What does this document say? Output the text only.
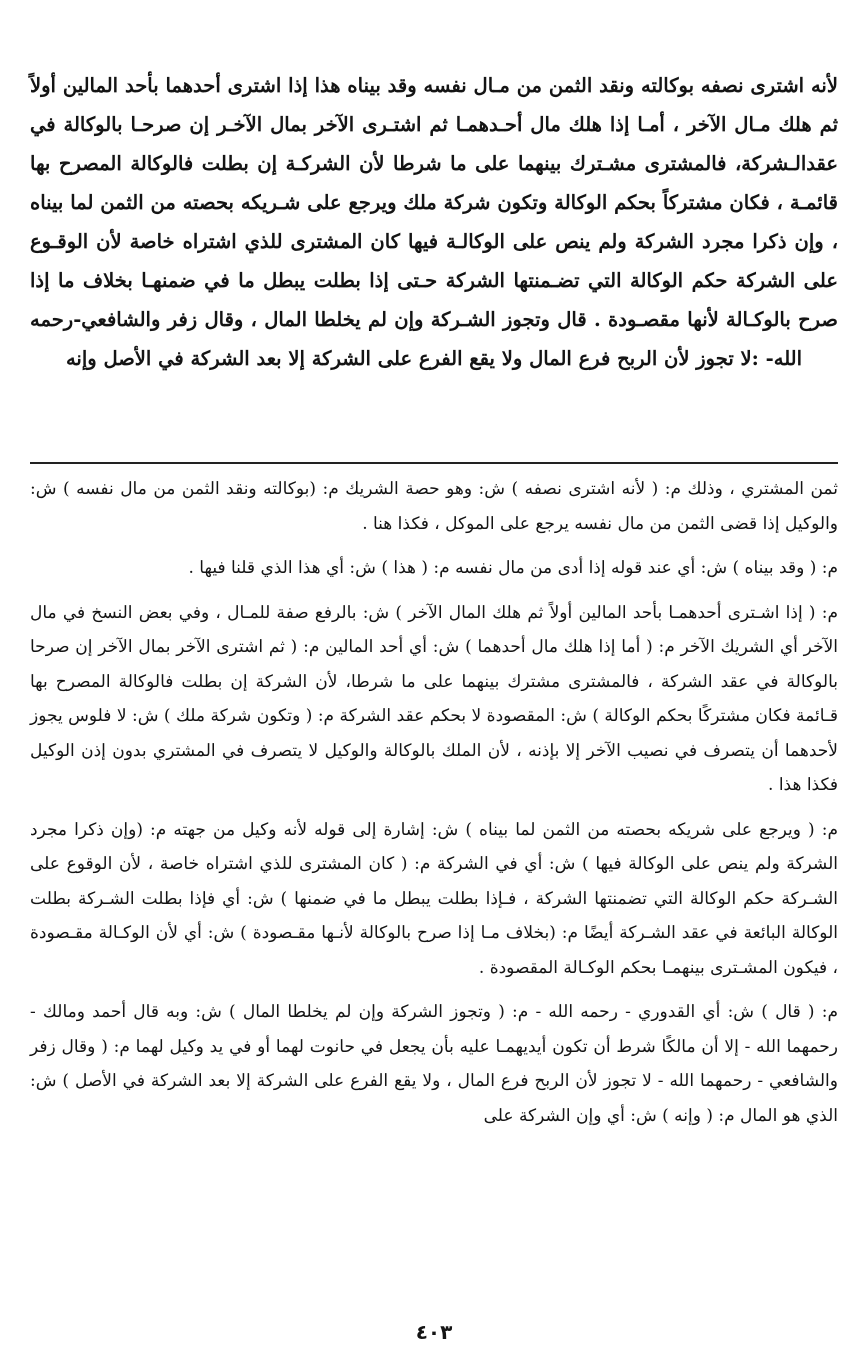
لأنه اشترى نصفه بوكالته ونقد الثمن من مـال نفسه وقد بيناه هذا إذا اشترى أحدهما بأحد المالين أولاً ثم هلك مـال الآخر ، أمـا إذا هلك مال أحـدهمـا ثم اشتـرى الآخر بمال الآخـر إن صرحـا بالوكالة في عقدالـشركة، فالمشترى مشـترك بينهما على ما شرطا لأن الشركـة إن بطلت فالوكالة المصرح بها قائمـة ، فكان مشتركاً بحكم الوكالة وتكون شركة ملك ويرجع على شـريكه بحصته من الثمن لما بيناه ، وإن ذكرا مجرد الشركة ولم ينص على الوكالـة فيها كان المشترى للذي اشتراه خاصة لأن الوقـوع على الشركة حكم الوكالة التي تضـمنتها الشركة حـتى إذا بطلت يبطل ما في ضمنهـا بخلاف ما إذا صرح بالوكـالة لأنها مقصـودة . قال وتجوز الشـركة وإن لم يخلطا المال ، وقال زفر والشافعي-رحمه الله- :لا تجوز لأن الربح فرع المال ولا يقع الفرع على الشركة إلا بعد الشركة في الأصل وإنه

ثمن المشتري ، وذلك م: ( لأنه اشترى نصفه ) ش: وهو حصة الشريك م: (بوكالته ونقد الثمن من مال نفسه ) ش: والوكيل إذا قضى الثمن من مال نفسه يرجع على الموكل ، فكذا هنا .

م: ( وقد بيناه ) ش: أي عند قوله إذا أدى من مال نفسه م: ( هذا ) ش: أي هذا الذي قلنا فيها .

م: ( إذا اشـترى أحدهمـا بأحد المالين أولاً ثم هلك المال الآخر ) ش: بالرفع صفة للمـال ، وفي بعض النسخ في مال الآخر أي الشريك الآخر م: ( أما إذا هلك مال أحدهما ) ش: أي أحد المالين م: ( ثم اشترى الآخر بمال الآخر إن صرحا بالوكالة في عقد الشركة ، فالمشترى مشترك بينهما على ما شرطا، لأن الشركة إن بطلت فالوكالة المصرح بها قـائمة فكان مشتركًا بحكم الوكالة ) ش: المقصودة لا بحكم عقد الشركة م: ( وتكون شركة ملك ) ش: لا فلوس يجوز لأحدهما أن يتصرف في نصيب الآخر إلا بإذنه ، لأن الملك بالوكالة والوكيل لا يتصرف في المشتري بدون إذن الوكيل فكذا هذا .

م: ( ويرجع على شريكه بحصته من الثمن لما بيناه ) ش: إشارة إلى قوله لأنه وكيل من جهته م: (وإن ذكرا مجرد الشركة ولم ينص على الوكالة فيها ) ش: أي في الشركة م: ( كان المشترى للذي اشتراه خاصة ، لأن الوقوع على الشـركة حكم الوكالة التي تضمنتها الشركة ، فـإذا بطلت يبطل ما في ضمنها ) ش: أي فإذا بطلت الشـركة بطلت الوكالة البائعة في عقد الشـركة أيضًا م: (بخلاف مـا إذا صرح بالوكالة لأنـها مقـصودة ) ش: أي لأن الوكـالة مقـصودة ، فيكون المشـترى بينهمـا بحكم الوكـالة المقصودة .

م: ( قال ) ش: أي القدوري - رحمه الله - م: ( وتجوز الشركة وإن لم يخلطا المال ) ش: وبه قال أحمد ومالك - رحمهما الله - إلا أن مالكًا شرط أن تكون أيديهمـا عليه بأن يجعل في حانوت لهما أو في يد وكيل لهما م: ( وقال زفر والشافعي - رحمهما الله - لا تجوز لأن الربح فرع المال ، ولا يقع الفرع على الشركة إلا بعد الشركة في الأصل ) ش: الذي هو المال م: ( وإنه ) ش: أي وإن الشركة على

٤٠٣
